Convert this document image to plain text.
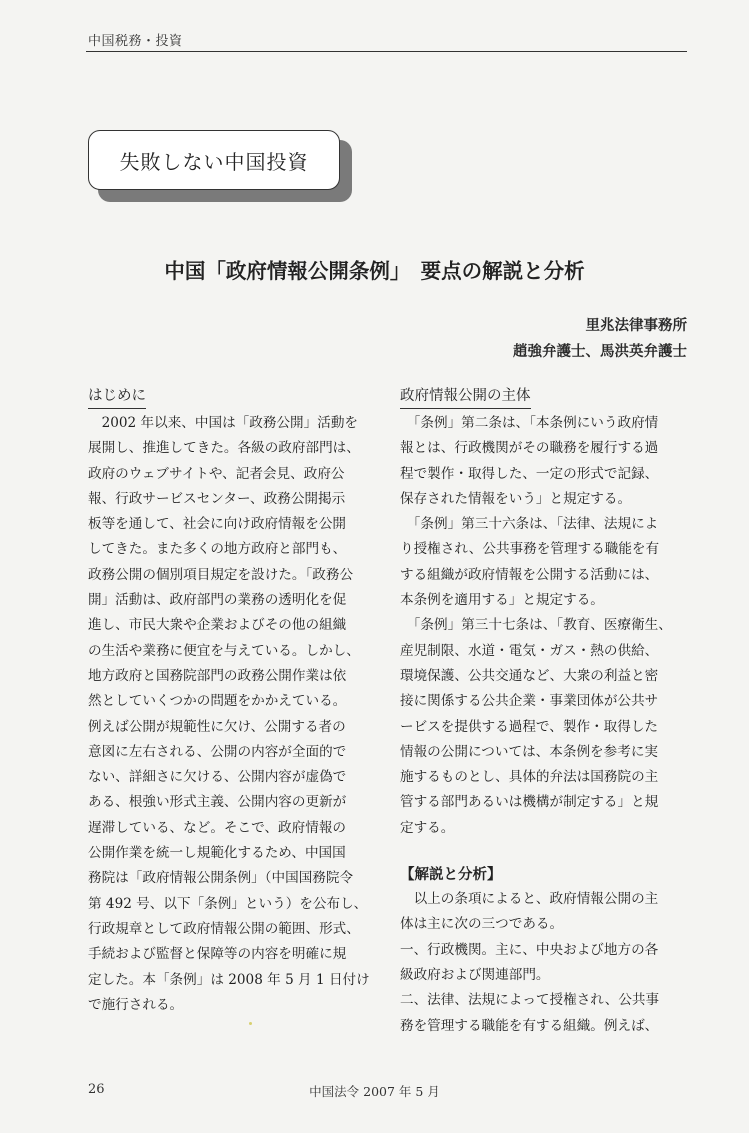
中国税務・投資
失敗しない中国投資
中国「政府情報公開条例」　要点の解説と分析
里兆法律事務所
趙強弁護士、馬洪英弁護士
はじめに
　2002 年以来、中国は「政務公開」活動を
展開し、推進してきた。各級の政府部門は、
政府のウェブサイトや、記者会見、政府公
報、行政サービスセンター、政務公開掲示
板等を通して、社会に向け政府情報を公開
してきた。また多くの地方政府と部門も、
政務公開の個別項目規定を設けた。「政務公
開」活動は、政府部門の業務の透明化を促
進し、市民大衆や企業およびその他の組織
の生活や業務に便宜を与えている。しかし、
地方政府と国務院部門の政務公開作業は依
然としていくつかの問題をかかえている。
例えば公開が規範性に欠け、公開する者の
意図に左右される、公開の内容が全面的で
ない、詳細さに欠ける、公開内容が虚偽で
ある、根強い形式主義、公開内容の更新が
遅滞している、など。そこで、政府情報の
公開作業を統一し規範化するため、中国国
務院は「政府情報公開条例」（中国国務院令
第 492 号、以下「条例」という）を公布し、
行政規章として政府情報公開の範囲、形式、
手続および監督と保障等の内容を明確に規
定した。本「条例」は 2008 年 5 月 1 日付け
で施行される。
政府情報公開の主体
　「条例」第二条は、「本条例にいう政府情
報とは、行政機関がその職務を履行する過
程で製作・取得した、一定の形式で記録、
保存された情報をいう」と規定する。
　「条例」第三十六条は、「法律、法規によ
り授権され、公共事務を管理する職能を有
する組織が政府情報を公開する活動には、
本条例を適用する」と規定する。
　「条例」第三十七条は、「教育、医療衛生、
産児制限、水道・電気・ガス・熱の供給、
環境保護、公共交通など、大衆の利益と密
接に関係する公共企業・事業団体が公共サ
ービスを提供する過程で、製作・取得した
情報の公開については、本条例を参考に実
施するものとし、具体的弁法は国務院の主
管する部門あるいは機構が制定する」と規
定する。
【解説と分析】
　以上の条項によると、政府情報公開の主
体は主に次の三つである。
一、行政機関。主に、中央および地方の各
級政府および関連部門。
二、法律、法規によって授権され、公共事
務を管理する職能を有する組織。例えば、
26	中国法令 2007 年 5 月
